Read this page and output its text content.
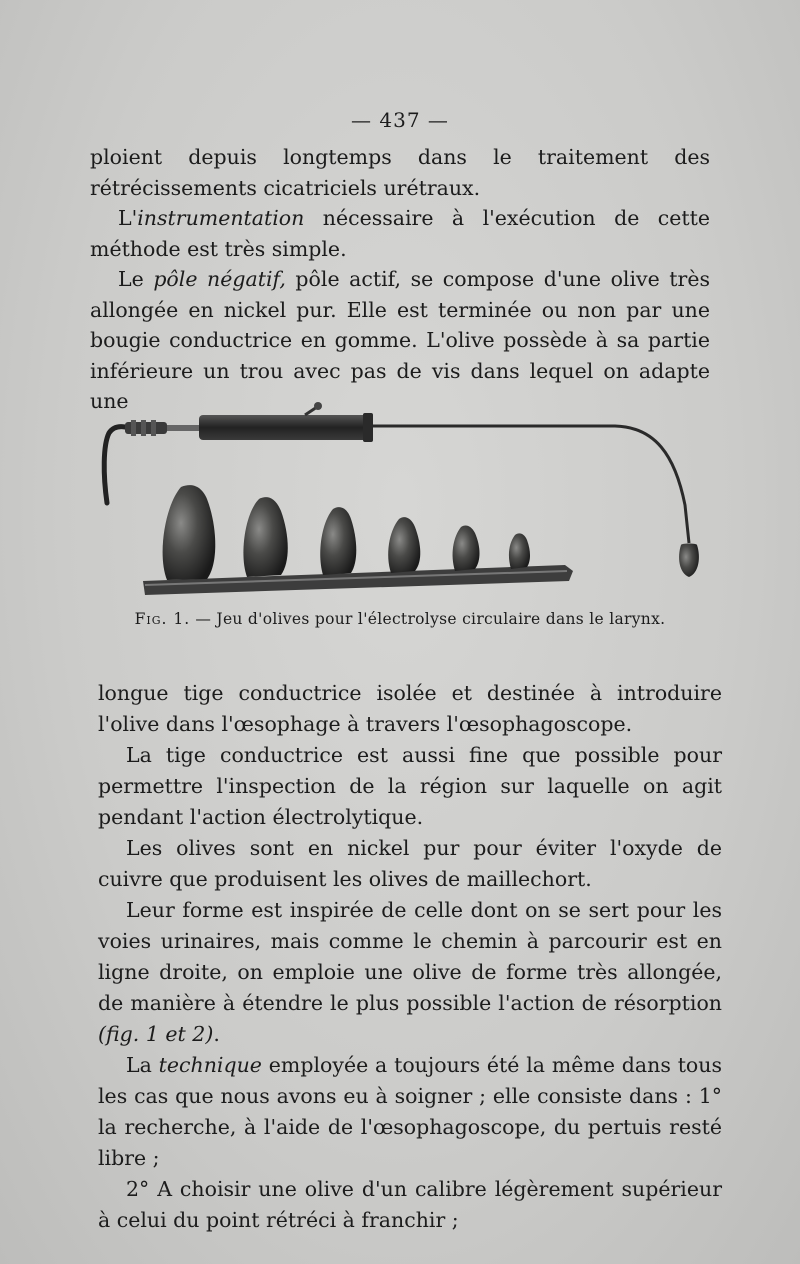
— 437 —

ploient depuis longtemps dans le traitement des rétrécissements cicatriciels urétraux.

L'instrumentation nécessaire à l'exécution de cette méthode est très simple.

Le pôle négatif, pôle actif, se compose d'une olive très allongée en nickel pur. Elle est terminée ou non par une bougie conductrice en gomme. L'olive possède à sa partie inférieure un trou avec pas de vis dans lequel on adapte une

Fig. 1. — Jeu d'olives pour l'électrolyse circulaire dans le larynx.

longue tige conductrice isolée et destinée à introduire l'olive dans l'œsophage à travers l'œsophagoscope.

La tige conductrice est aussi fine que possible pour permettre l'inspection de la région sur laquelle on agit pendant l'action électrolytique.

Les olives sont en nickel pur pour éviter l'oxyde de cuivre que produisent les olives de maillechort.

Leur forme est inspirée de celle dont on se sert pour les voies urinaires, mais comme le chemin à parcourir est en ligne droite, on emploie une olive de forme très allongée, de manière à étendre le plus possible l'action de résorption (fig. 1 et 2).

La technique employée a toujours été la même dans tous les cas que nous avons eu à soigner ; elle consiste dans : 1° la recherche, à l'aide de l'œsophagoscope, du pertuis resté libre ;

2° A choisir une olive d'un calibre légèrement supérieur à celui du point rétréci à franchir ;
